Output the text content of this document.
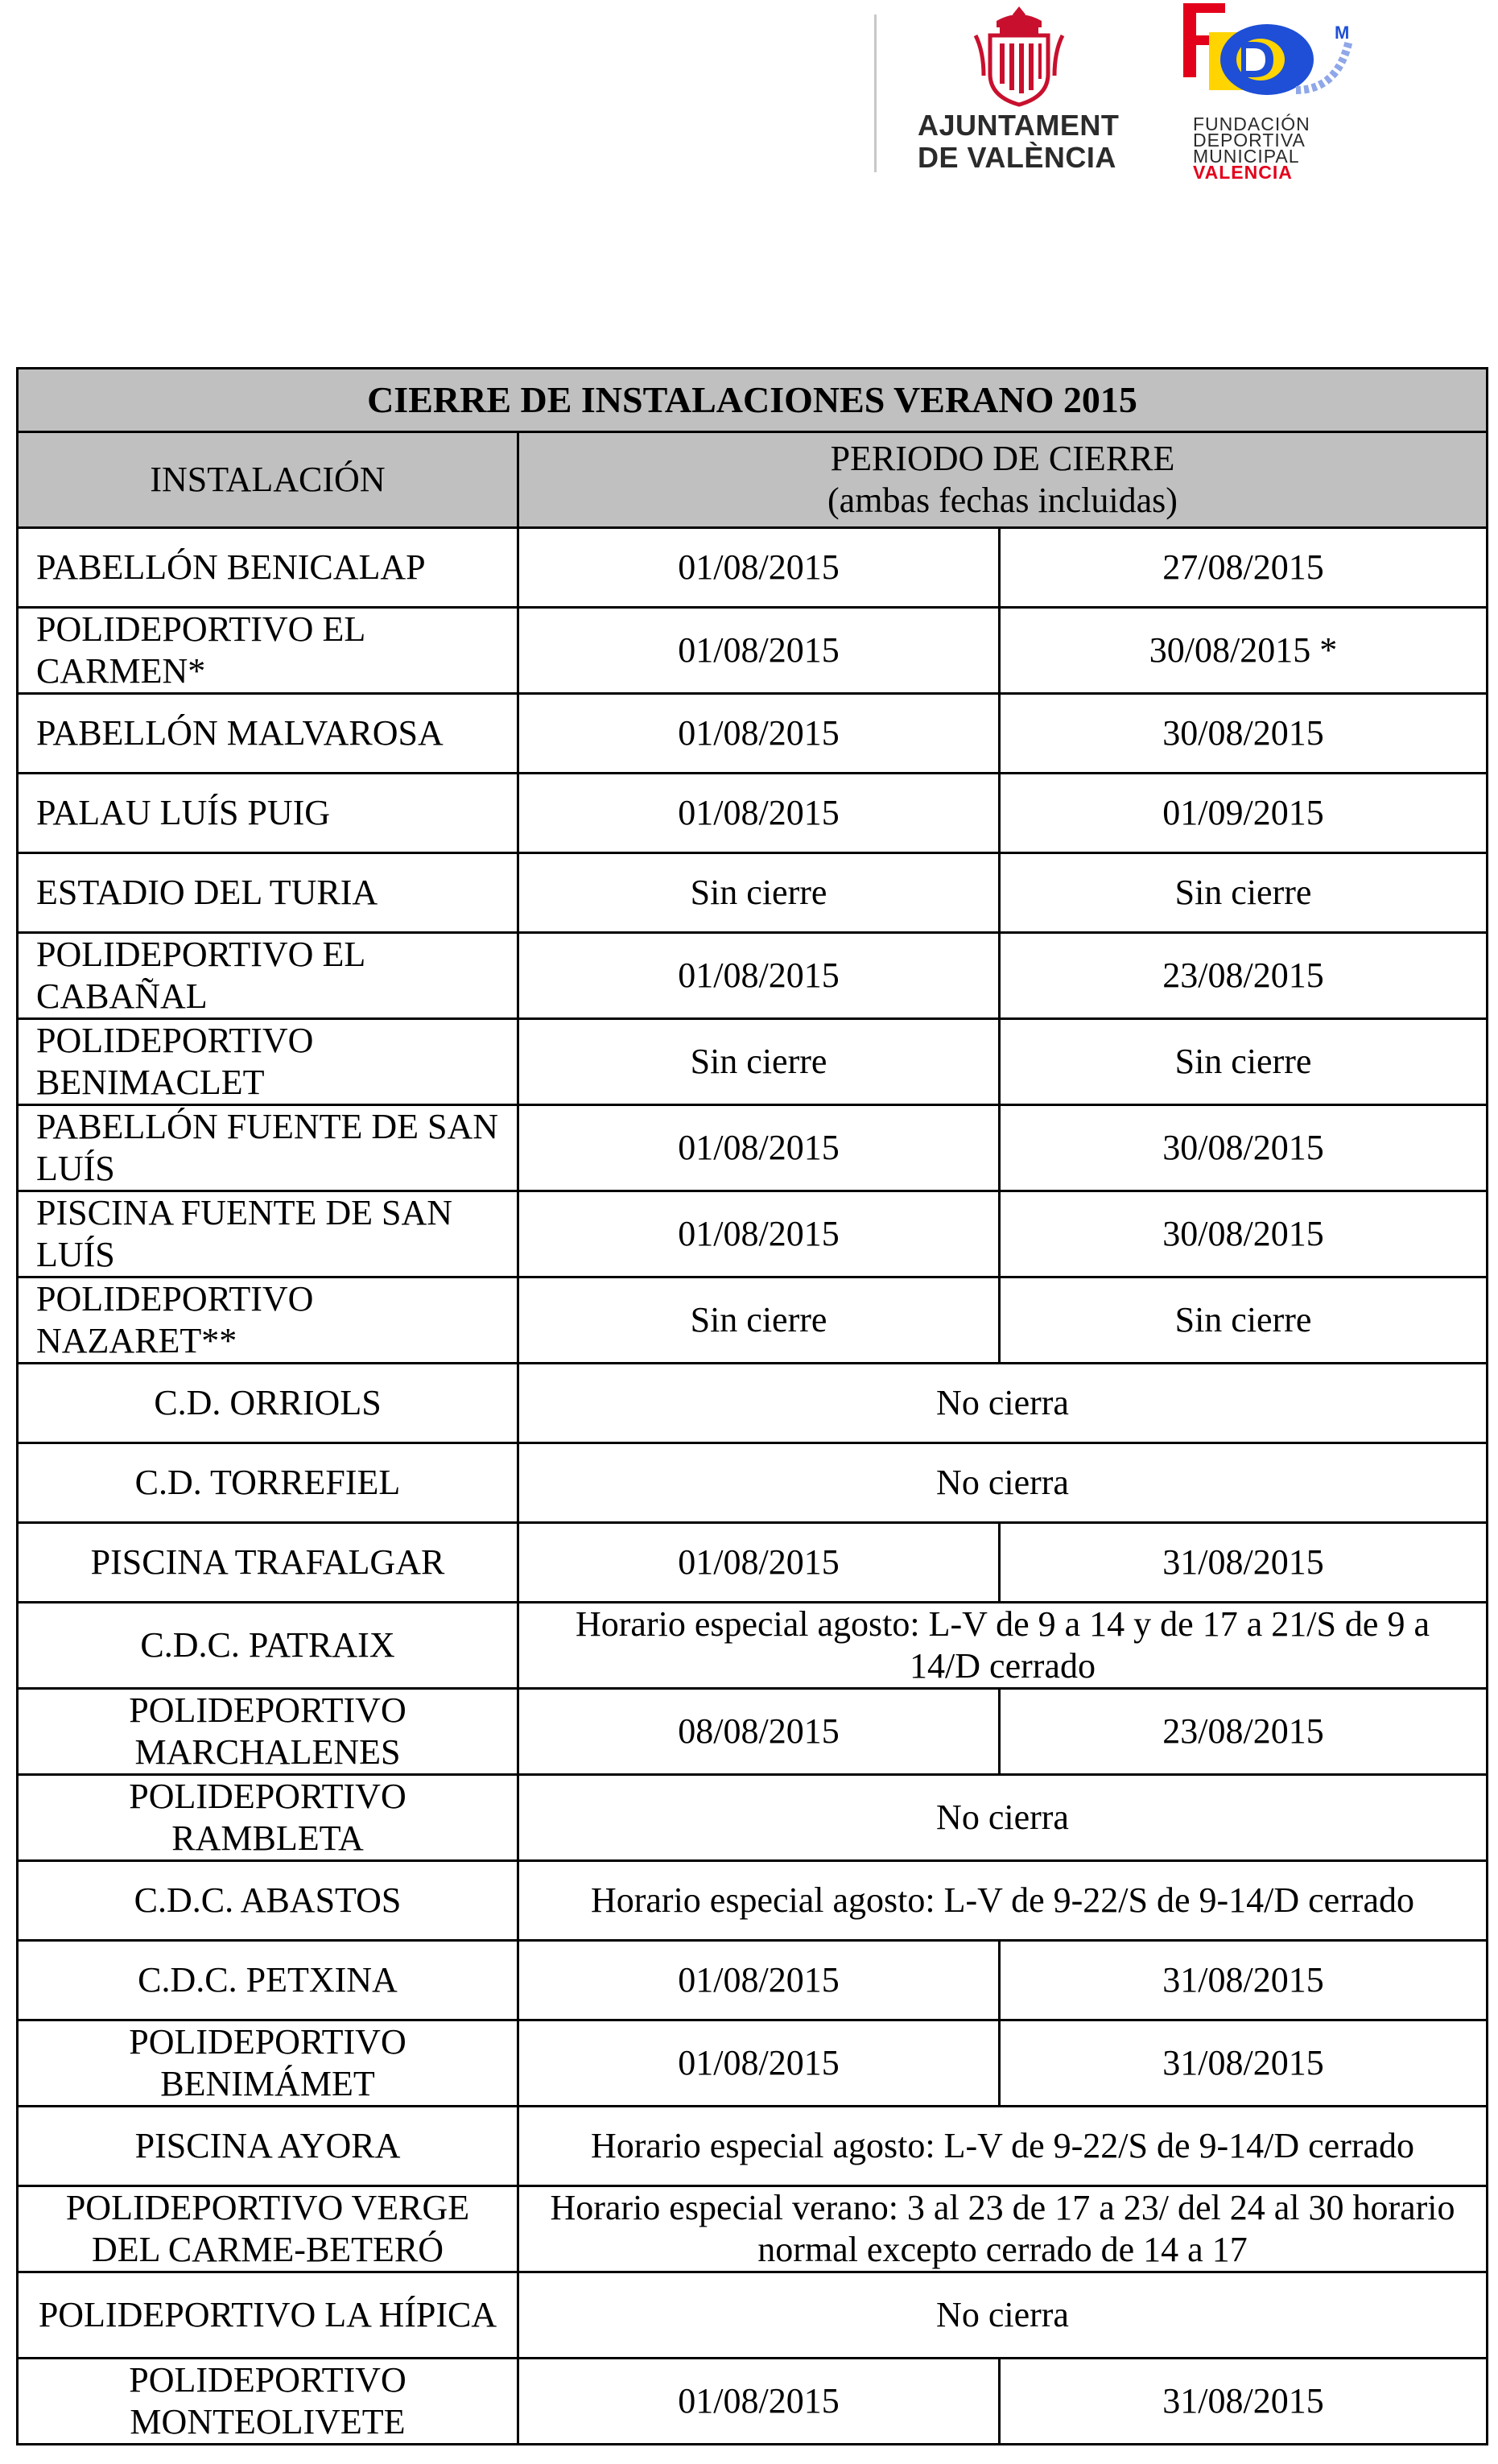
AJUNTAMENT
DE VALÈNCIA
M
FUNDACIÓN
DEPORTIVA
MUNICIPAL
VALENCIA
CIERRE DE INSTALACIONES VERANO 2015		
INSTALACIÓN	PERIODO DE CIERRE
(ambas fechas incluidas)	

PABELLÓN BENICALAP	01/08/2015	27/08/2015
POLIDEPORTIVO EL CARMEN*	01/08/2015	30/08/2015 *
PABELLÓN MALVAROSA	01/08/2015	30/08/2015
PALAU LUÍS PUIG	01/08/2015	01/09/2015
ESTADIO DEL TURIA	Sin cierre	Sin cierre
POLIDEPORTIVO EL CABAÑAL	01/08/2015	23/08/2015
POLIDEPORTIVO BENIMACLET	Sin cierre	Sin cierre
PABELLÓN FUENTE DE SAN LUÍS	01/08/2015	30/08/2015
PISCINA FUENTE DE SAN LUÍS	01/08/2015	30/08/2015
POLIDEPORTIVO NAZARET**	Sin cierre	Sin cierre
C.D. ORRIOLS	No cierra	
C.D. TORREFIEL	No cierra	
PISCINA TRAFALGAR	01/08/2015	31/08/2015
C.D.C. PATRAIX	Horario especial agosto: L-V de 9 a 14 y de 17 a 21/S de 9 a 14/D cerrado	
POLIDEPORTIVO MARCHALENES	08/08/2015	23/08/2015
POLIDEPORTIVO RAMBLETA	No cierra	
C.D.C. ABASTOS	Horario especial agosto: L-V de 9-22/S de 9-14/D cerrado	
C.D.C. PETXINA	01/08/2015	31/08/2015
POLIDEPORTIVO BENIMÁMET	01/08/2015	31/08/2015
PISCINA AYORA	Horario especial agosto: L-V de 9-22/S de 9-14/D cerrado	
POLIDEPORTIVO VERGE DEL CARME-BETERÓ	Horario especial verano: 3 al 23 de 17 a 23/ del 24 al 30 horario normal excepto cerrado de 14 a 17	
POLIDEPORTIVO LA HÍPICA	No cierra	
POLIDEPORTIVO MONTEOLIVETE	01/08/2015	31/08/2015
